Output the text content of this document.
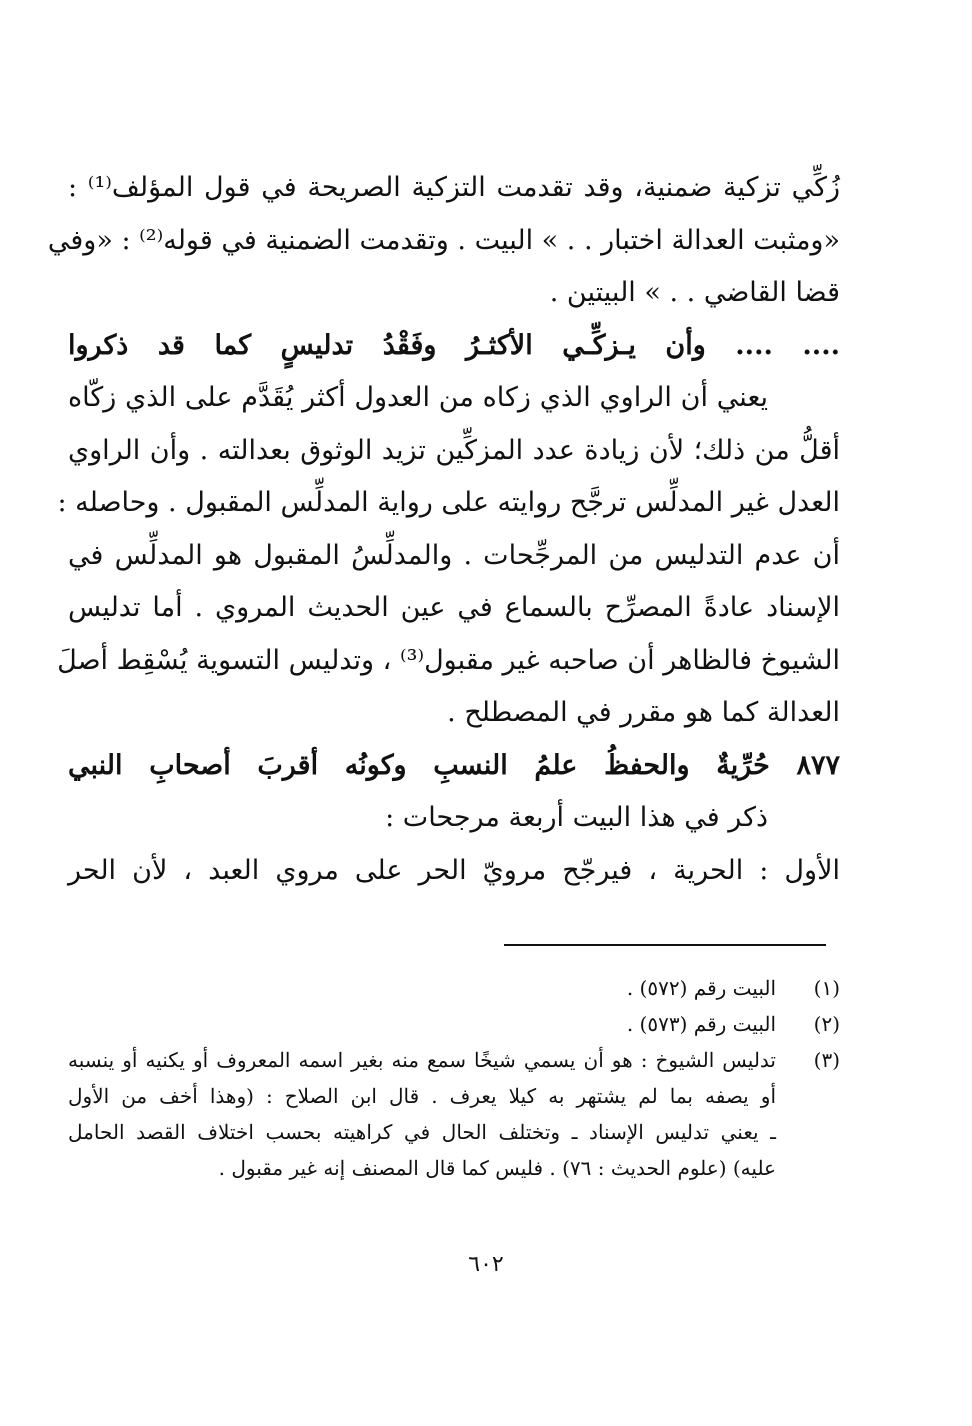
زُكِّي تزكية ضمنية، وقد تقدمت التزكية الصريحة في قول المؤلف⁽¹⁾ :
«ومثبت العدالة اختبار . . » البيت . وتقدمت الضمنية في قوله⁽²⁾ : «وفي
قضا القاضي . . » البيتين .
.... .... وأن يـزكِّـي الأكثـرُ وفَقْدُ تدليسٍ كما قد ذكروا
يعني أن الراوي الذي زكاه من العدول أكثر يُقَدَّم على الذي زكّاه
أقلُّ من ذلك؛ لأن زيادة عدد المزكِّين تزيد الوثوق بعدالته . وأن الراوي
العدل غير المدلِّس ترجَّح روايته على رواية المدلِّس المقبول . وحاصله :
أن عدم التدليس من المرجِّحات . والمدلِّسُ المقبول هو المدلِّس في
الإسناد عادةً المصرِّح بالسماع في عين الحديث المروي . أما تدليس
الشيوخ فالظاهر أن صاحبه غير مقبول⁽³⁾ ، وتدليس التسوية يُسْقِط أصلَ
العدالة كما هو مقرر في المصطلح .
٨٧٧ حُرِّيةٌ والحفظُ علمُ النسبِ وكونُه أقربَ أصحابِ النبي
ذكر في هذا البيت أربعة مرجحات :
الأول : الحرية ، فيرجّح مرويّ الحر على مروي العبد ، لأن الحر
(١)
البيت رقم (٥٧٢) .
(٢)
البيت رقم (٥٧٣) .
(٣)
تدليس الشيوخ : هو أن يسمي شيخًا سمع منه بغير اسمه المعروف أو يكنيه أو ينسبه
أو يصفه بما لم يشتهر به كيلا يعرف . قال ابن الصلاح : (وهذا أخف من الأول
ـ يعني تدليس الإسناد ـ وتختلف الحال في كراهيته بحسب اختلاف القصد الحامل
عليه) (علوم الحديث : ٧٦) . فليس كما قال المصنف إنه غير مقبول .
٦٠٢
